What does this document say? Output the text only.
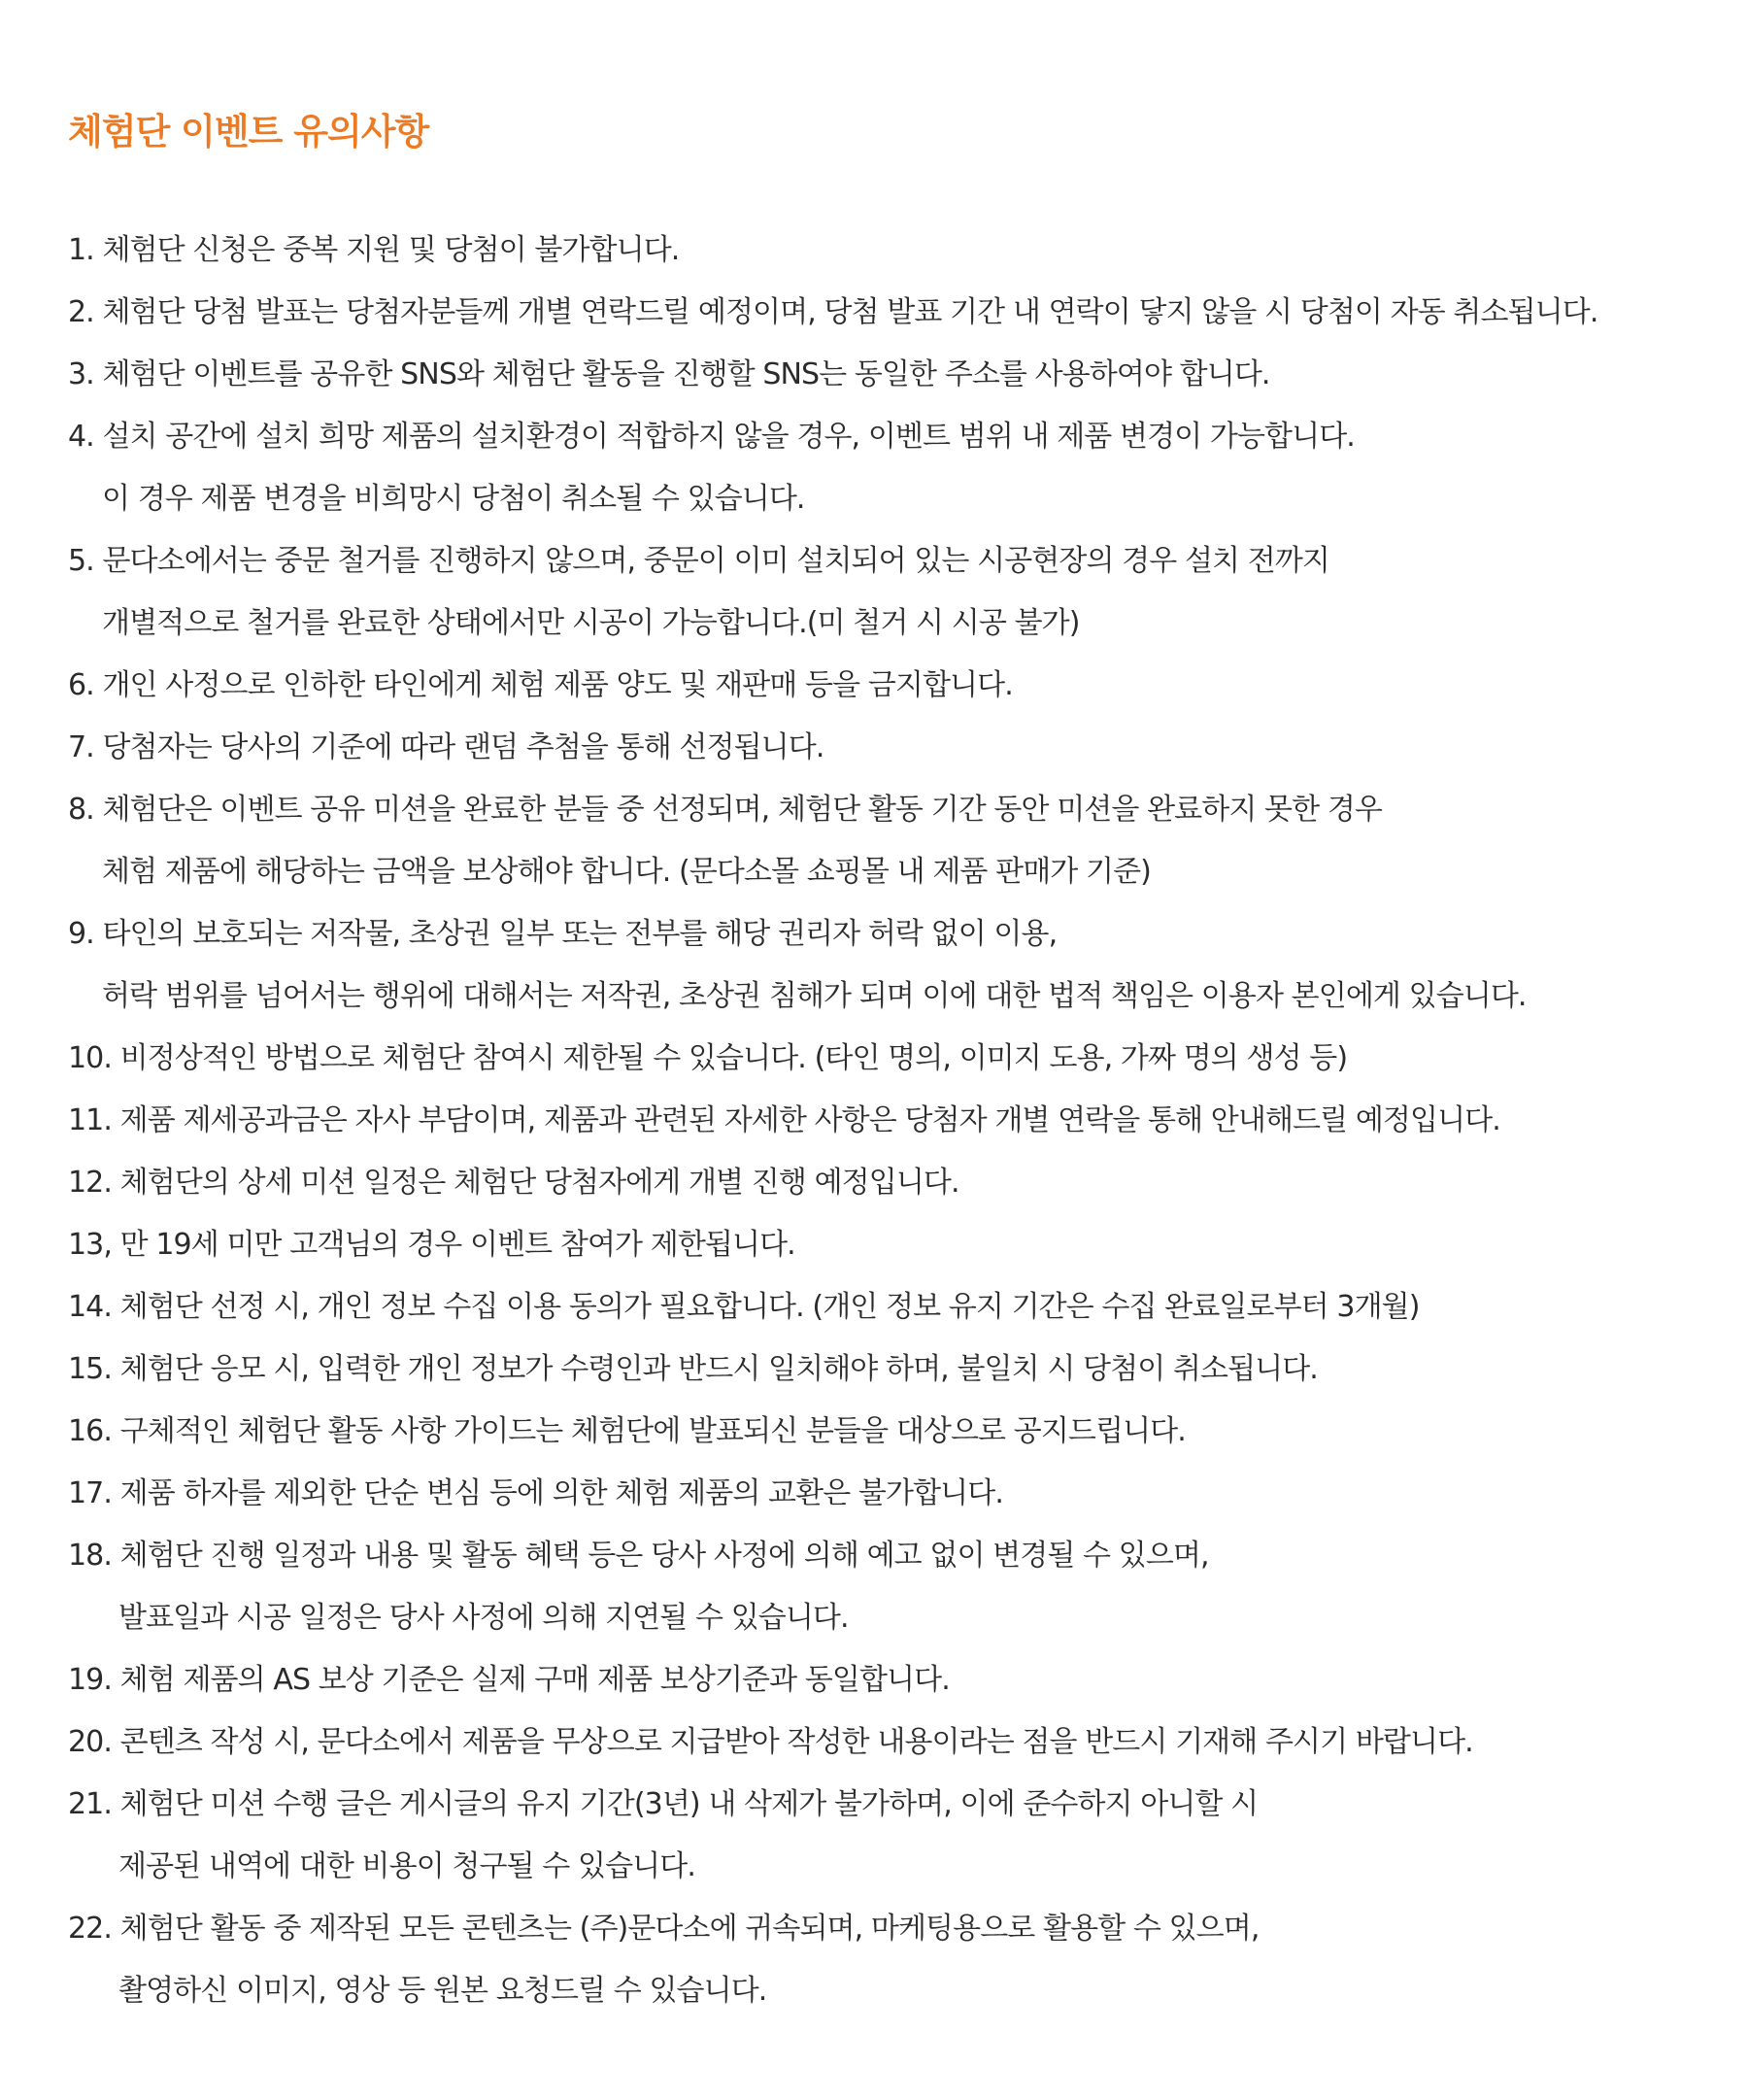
체험단 이벤트 유의사항
1. 체험단 신청은 중복 지원 및 당첨이 불가합니다.
2. 체험단 당첨 발표는 당첨자분들께 개별 연락드릴 예정이며, 당첨 발표 기간 내 연락이 닿지 않을 시 당첨이 자동 취소됩니다.
3. 체험단 이벤트를 공유한 SNS와 체험단 활동을 진행할 SNS는 동일한 주소를 사용하여야 합니다.
4. 설치 공간에 설치 희망 제품의 설치환경이 적합하지 않을 경우, 이벤트 범위 내 제품 변경이 가능합니다.
이 경우 제품 변경을 비희망시 당첨이 취소될 수 있습니다.
5. 문다소에서는 중문 철거를 진행하지 않으며, 중문이 이미 설치되어 있는 시공현장의 경우 설치 전까지
개별적으로 철거를 완료한 상태에서만 시공이 가능합니다.(미 철거 시 시공 불가)
6. 개인 사정으로 인하한 타인에게 체험 제품 양도 및 재판매 등을 금지합니다.
7. 당첨자는 당사의 기준에 따라 랜덤 추첨을 통해 선정됩니다.
8. 체험단은 이벤트 공유 미션을 완료한 분들 중 선정되며, 체험단 활동 기간 동안 미션을 완료하지 못한 경우
체험 제품에 해당하는 금액을 보상해야 합니다. (문다소몰 쇼핑몰 내 제품 판매가 기준)
9. 타인의 보호되는 저작물, 초상권 일부 또는 전부를 해당 권리자 허락 없이 이용,
허락 범위를 넘어서는 행위에 대해서는 저작권, 초상권 침해가 되며 이에 대한 법적 책임은 이용자 본인에게 있습니다.
10. 비정상적인 방법으로 체험단 참여시 제한될 수 있습니다. (타인 명의, 이미지 도용, 가짜 명의 생성 등)
11. 제품 제세공과금은 자사 부담이며, 제품과 관련된 자세한 사항은 당첨자 개별 연락을 통해 안내해드릴 예정입니다.
12. 체험단의 상세 미션 일정은 체험단 당첨자에게 개별 진행 예정입니다.
13, 만 19세 미만 고객님의 경우 이벤트 참여가 제한됩니다.
14. 체험단 선정 시, 개인 정보 수집 이용 동의가 필요합니다. (개인 정보 유지 기간은 수집 완료일로부터 3개월)
15. 체험단 응모 시, 입력한 개인 정보가 수령인과 반드시 일치해야 하며, 불일치 시 당첨이 취소됩니다.
16. 구체적인 체험단 활동 사항 가이드는 체험단에 발표되신 분들을 대상으로 공지드립니다.
17. 제품 하자를 제외한 단순 변심 등에 의한 체험 제품의 교환은 불가합니다.
18. 체험단 진행 일정과 내용 및 활동 혜택 등은 당사 사정에 의해 예고 없이 변경될 수 있으며,
발표일과 시공 일정은 당사 사정에 의해 지연될 수 있습니다.
19. 체험 제품의 AS 보상 기준은 실제 구매 제품 보상기준과 동일합니다.
20. 콘텐츠 작성 시, 문다소에서 제품을 무상으로 지급받아 작성한 내용이라는 점을 반드시 기재해 주시기 바랍니다.
21. 체험단 미션 수행 글은 게시글의 유지 기간(3년) 내 삭제가 불가하며, 이에 준수하지 아니할 시
제공된 내역에 대한 비용이 청구될 수 있습니다.
22. 체험단 활동 중 제작된 모든 콘텐츠는 (주)문다소에 귀속되며, 마케팅용으로 활용할 수 있으며,
촬영하신 이미지, 영상 등 원본 요청드릴 수 있습니다.
